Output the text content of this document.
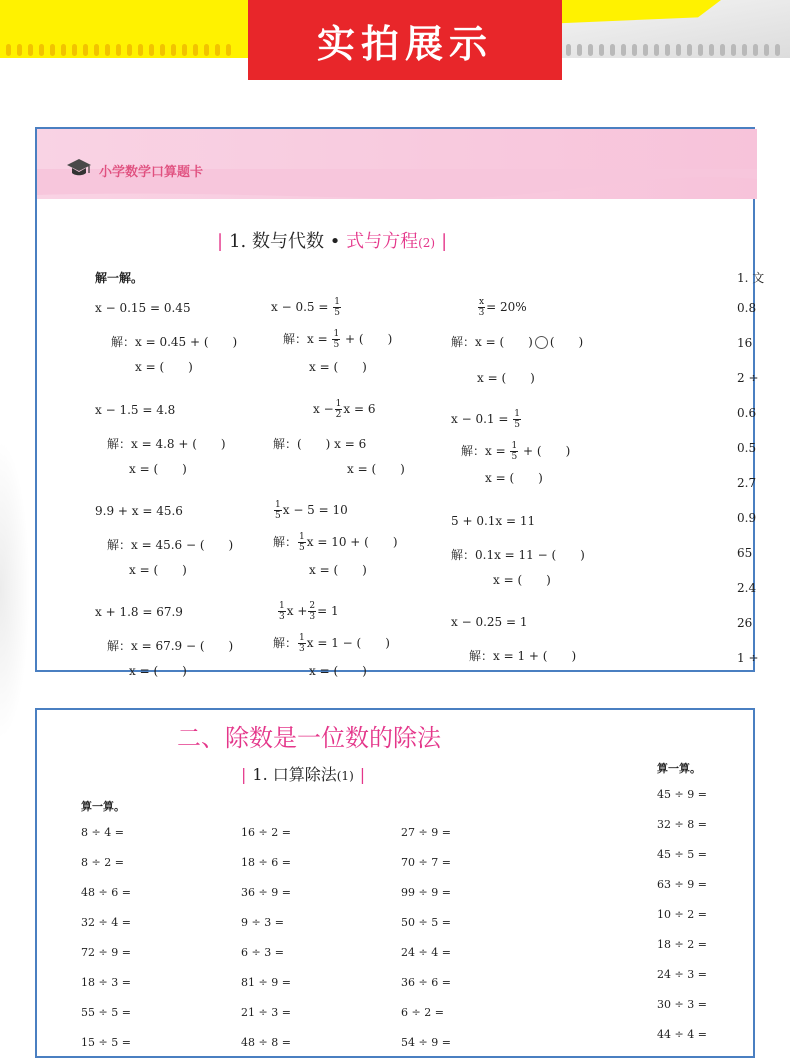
实拍展示
小学数学口算题卡
| 1. 数与代数 • 式与方程(2) |
解一解。
x − 0.15 = 0.45
解：x = 0.45 + (　　)
x = (　　)
$x - 0.5 = \frac{1}{5}$
解：$x = \frac{1}{5}$ + (　　)
x = (　　)
$\frac{x}{3} = 20\%$
解：x = (　　) (　　)
x = (　　)
x − 1.5 = 4.8
解：x = 4.8 + (　　)
x = (　　)
$x - \frac{1}{2}$ x = 6
解：(　　) x = 6
x = (　　)
$x - 0.1 = \frac{1}{5}$
解：$x = \frac{1}{5}$ + (　　)
x = (　　)
9.9 + x = 45.6
解：x = 45.6 − (　　)
x = (　　)
$\frac{1}{5}$ x − 5 = 10
解： $\frac{1}{5}$ x = 10 + (　　)
x = (　　)
5 + 0.1x = 11
解：0.1x = 11 − (　　)
x = (　　)
x + 1.8 = 67.9
解：x = 67.9 − (　　)
x = (　　)
$\frac{1}{3}$ $x + \frac{2}{3} = 1$
解： $\frac{1}{3}$ x = 1 − (　　)
x = (　　)
x − 0.25 = 1
解：x = 1 + (　　)
1. 文
0.8
16
2 ÷
0.6
0.5
2.7
0.9
65
2.4
26
1 ÷
二、除数是一位数的除法
| 1. 口算除法(1) |
算一算。
算一算。
8 ÷ 4 =
8 ÷ 2 =
48 ÷ 6 =
32 ÷ 4 =
72 ÷ 9 =
18 ÷ 3 =
55 ÷ 5 =
15 ÷ 5 =
16 ÷ 2 =
18 ÷ 6 =
36 ÷ 9 =
9 ÷ 3 =
6 ÷ 3 =
81 ÷ 9 =
21 ÷ 3 =
48 ÷ 8 =
27 ÷ 9 =
70 ÷ 7 =
99 ÷ 9 =
50 ÷ 5 =
24 ÷ 4 =
36 ÷ 6 =
6 ÷ 2 =
54 ÷ 9 =
45 ÷ 9 =
32 ÷ 8 =
45 ÷ 5 =
63 ÷ 9 =
10 ÷ 2 =
18 ÷ 2 =
24 ÷ 3 =
30 ÷ 3 =
44 ÷ 4 =
